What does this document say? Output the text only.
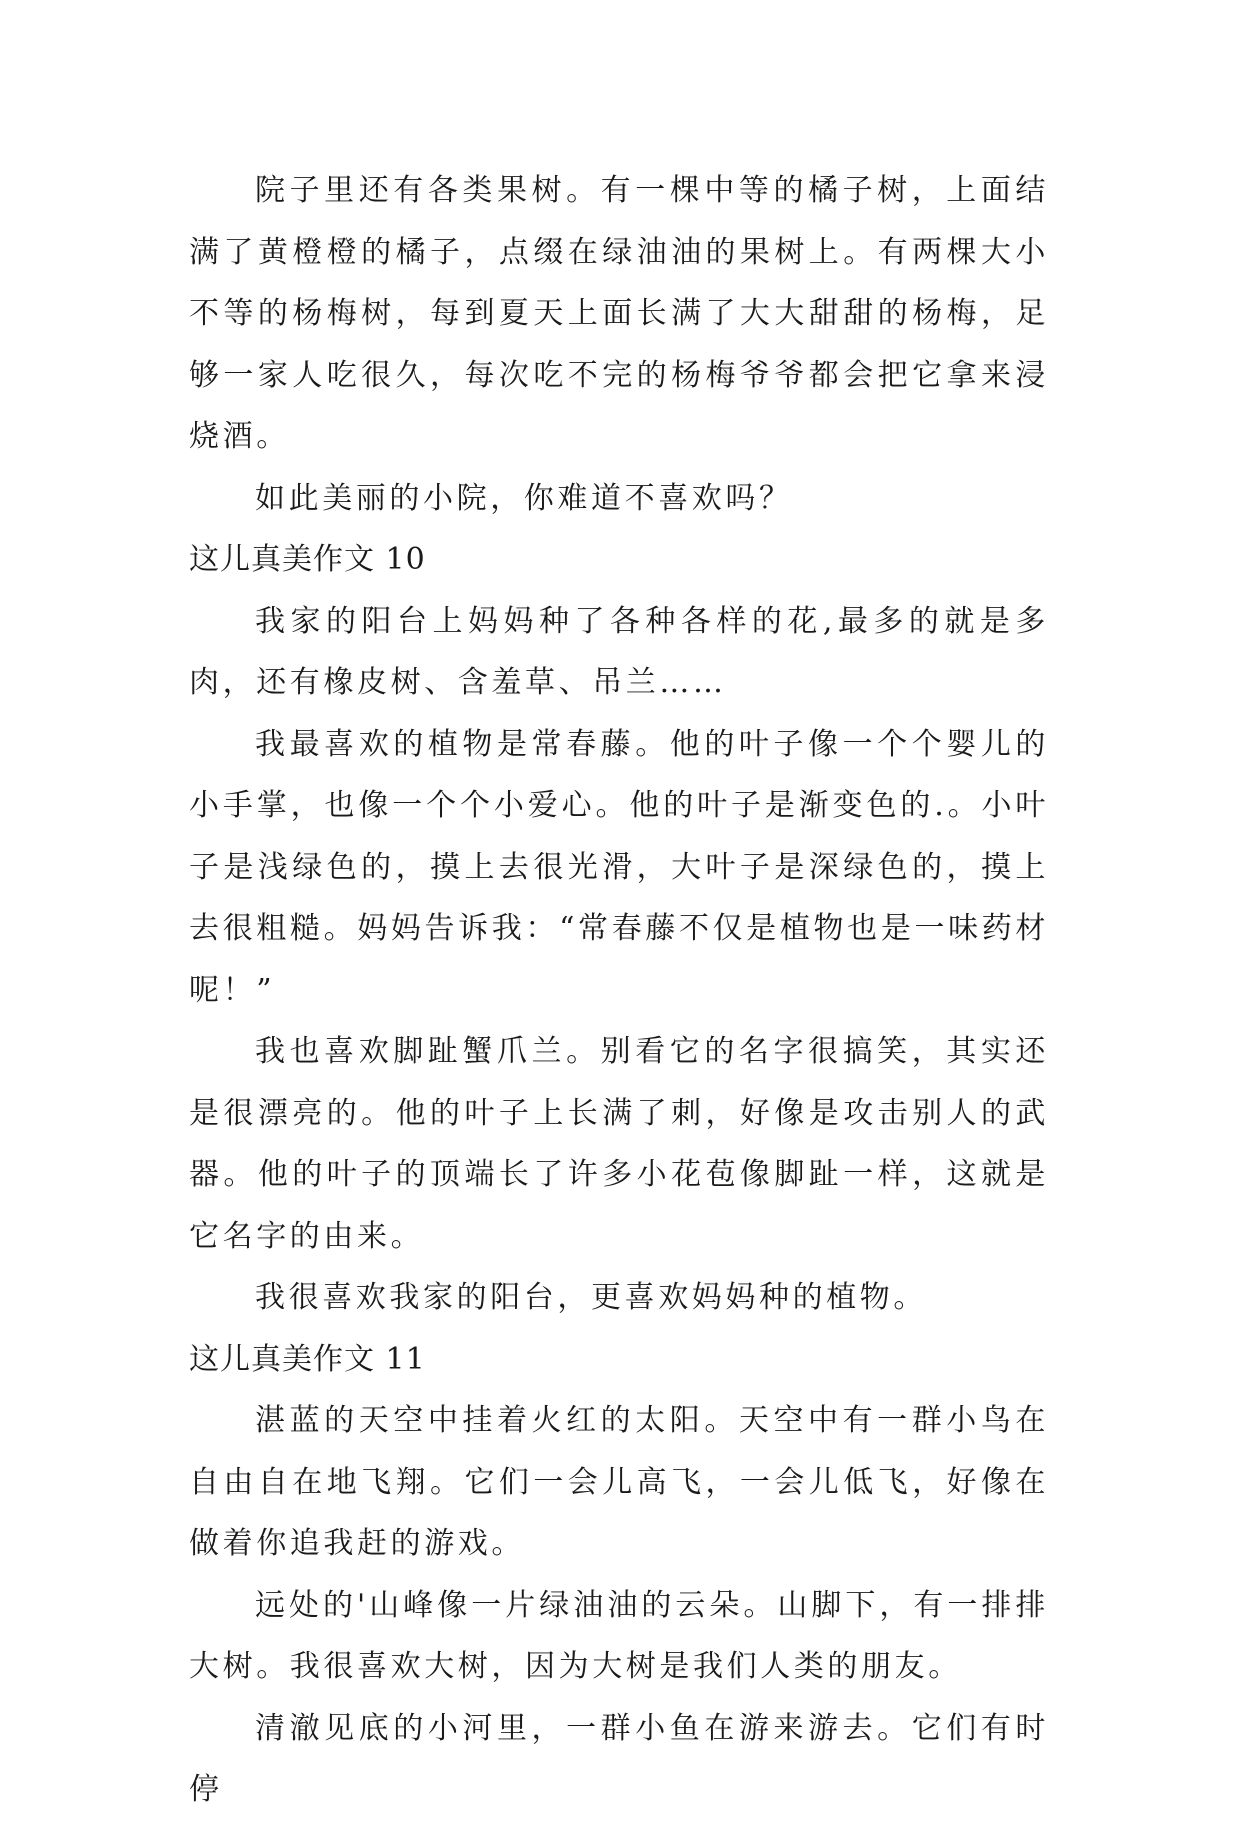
院子里还有各类果树。有一棵中等的橘子树，上面结满了黄橙橙的橘子，点缀在绿油油的果树上。有两棵大小不等的杨梅树，每到夏天上面长满了大大甜甜的杨梅，足够一家人吃很久，每次吃不完的杨梅爷爷都会把它拿来浸烧酒。

如此美丽的小院，你难道不喜欢吗？

这儿真美作文 10

我家的阳台上妈妈种了各种各样的花,最多的就是多肉，还有橡皮树、含羞草、吊兰……

我最喜欢的植物是常春藤。他的叶子像一个个婴儿的小手掌，也像一个个小爱心。他的叶子是渐变色的.。小叶子是浅绿色的，摸上去很光滑，大叶子是深绿色的，摸上去很粗糙。妈妈告诉我：“常春藤不仅是植物也是一味药材呢！”

我也喜欢脚趾蟹爪兰。别看它的名字很搞笑，其实还是很漂亮的。他的叶子上长满了刺，好像是攻击别人的武器。他的叶子的顶端长了许多小花苞像脚趾一样，这就是它名字的由来。

我很喜欢我家的阳台，更喜欢妈妈种的植物。

这儿真美作文 11

湛蓝的天空中挂着火红的太阳。天空中有一群小鸟在自由自在地飞翔。它们一会儿高飞，一会儿低飞，好像在做着你追我赶的游戏。

远处的'山峰像一片绿油油的云朵。山脚下，有一排排大树。我很喜欢大树，因为大树是我们人类的朋友。

清澈见底的小河里，一群小鱼在游来游去。它们有时停
